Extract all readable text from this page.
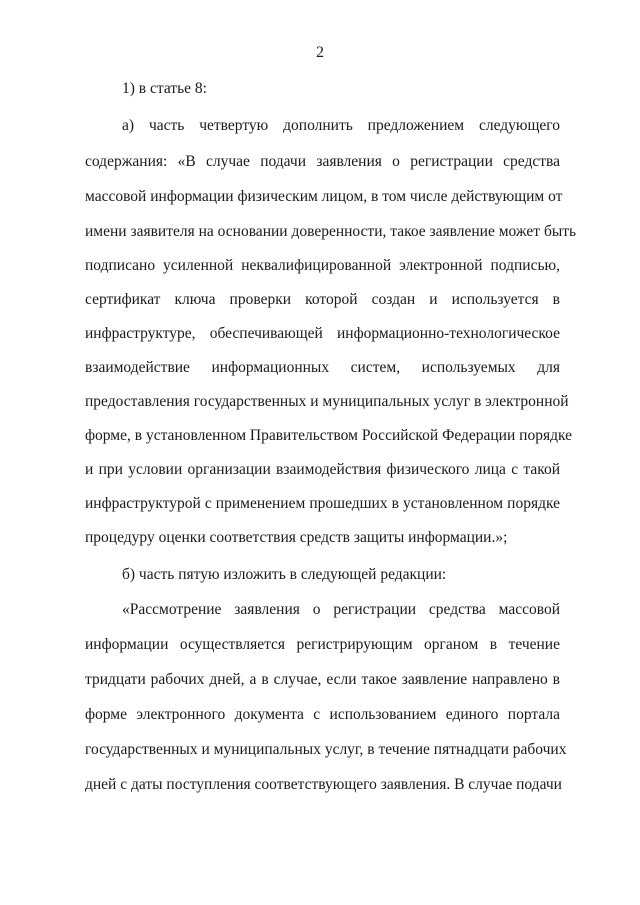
2
1) в статье 8:
а) часть четвертую дополнить предложением следующего
содержания: «В случае подачи заявления о регистрации средства
массовой информации физическим лицом, в том числе действующим от
имени заявителя на основании доверенности, такое заявление может быть
подписано усиленной неквалифицированной электронной подписью,
сертификат ключа проверки которой создан и используется в
инфраструктуре, обеспечивающей информационно-технологическое
взаимодействие информационных систем, используемых для
предоставления государственных и муниципальных услуг в электронной
форме, в установленном Правительством Российской Федерации порядке
и при условии организации взаимодействия физического лица с такой
инфраструктурой с применением прошедших в установленном порядке
процедуру оценки соответствия средств защиты информации.»;
б) часть пятую изложить в следующей редакции:
«Рассмотрение заявления о регистрации средства массовой
информации осуществляется регистрирующим органом в течение
тридцати рабочих дней, а в случае, если такое заявление направлено в
форме электронного документа с использованием единого портала
государственных и муниципальных услуг, в течение пятнадцати рабочих
дней с даты поступления соответствующего заявления. В случае подачи
